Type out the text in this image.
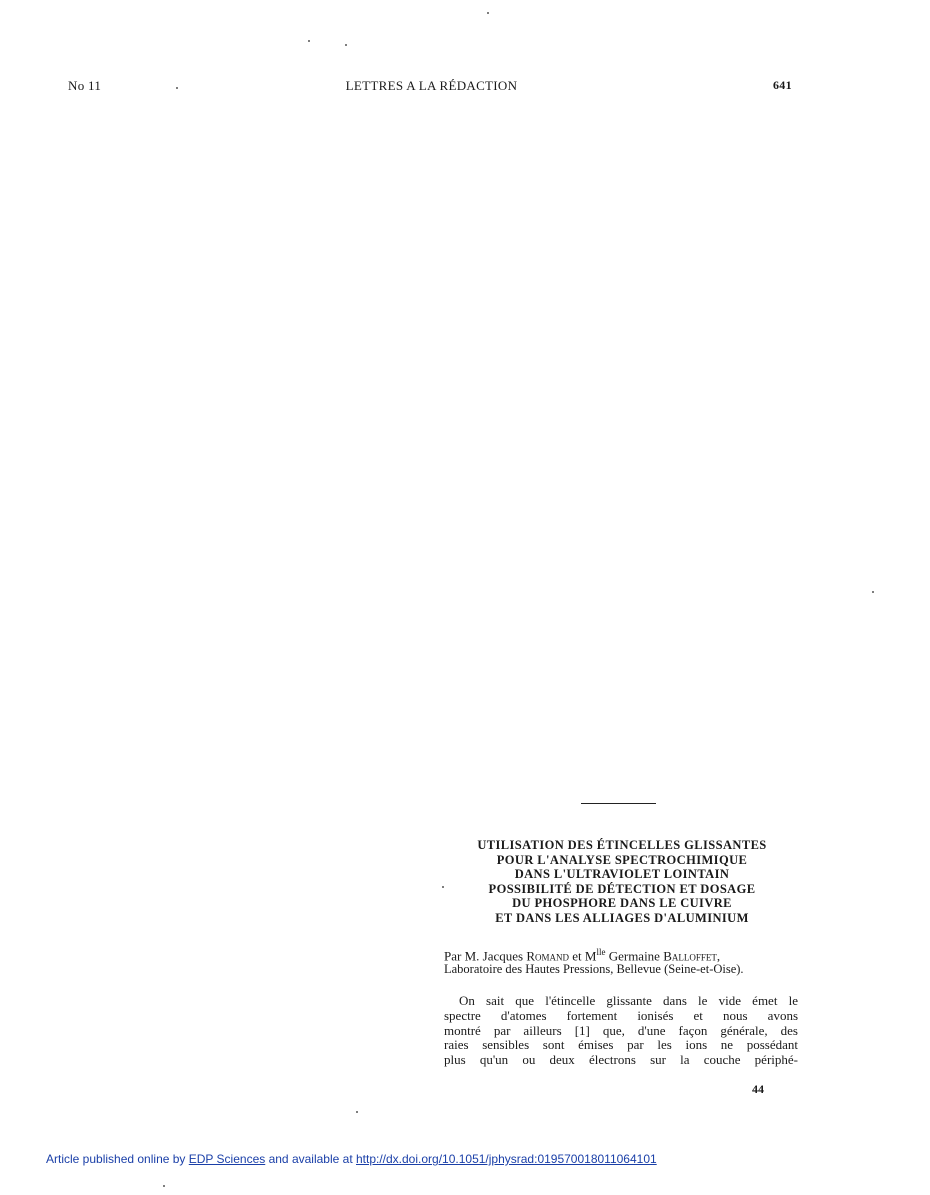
No 11	LETTRES A LA RÉDACTION	641
UTILISATION DES ÉTINCELLES GLISSANTES
POUR L'ANALYSE SPECTROCHIMIQUE
DANS L'ULTRAVIOLET LOINTAIN
POSSIBILITÉ DE DÉTECTION ET DOSAGE
DU PHOSPHORE DANS LE CUIVRE
ET DANS LES ALLIAGES D'ALUMINIUM
Par M. Jacques Romand et $M^{lle}$ Germaine Balloffet,
Laboratoire des Hautes Pressions, Bellevue (Seine-et-Oise).
On sait que l'étincelle glissante dans le vide émet le
spectre d'atomes fortement ionisés et nous avons
montré par ailleurs [1] que, d'une façon générale, des
raies sensibles sont émises par les ions ne possédant
plus qu'un ou deux électrons sur la couche périphé-
44
Article published online by EDP Sciences and available at http://dx.doi.org/10.1051/jphysrad:019570018011064101
